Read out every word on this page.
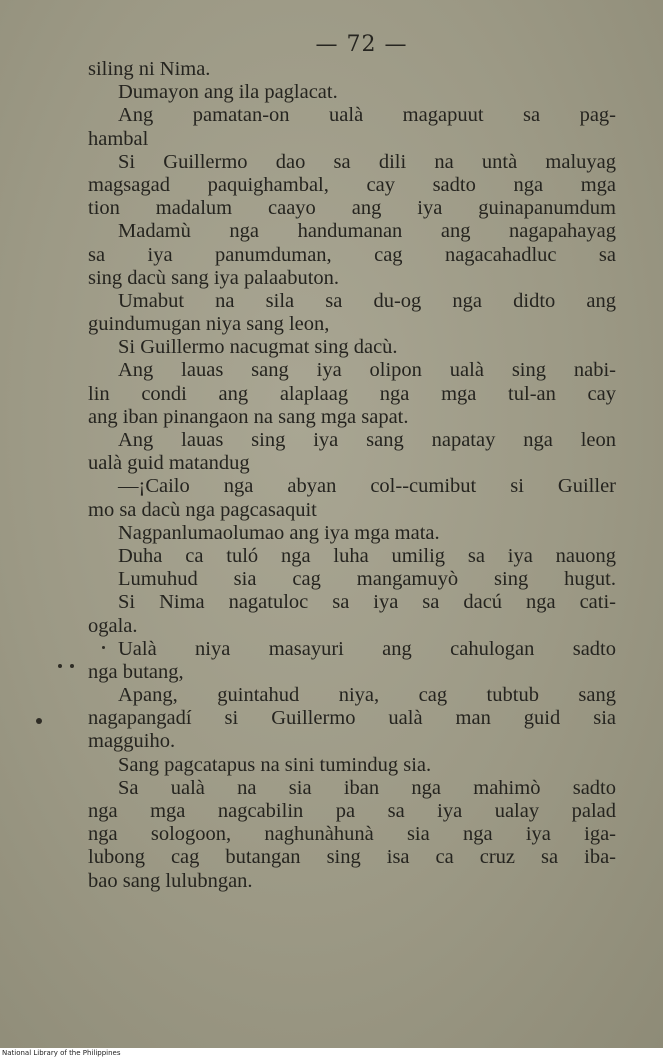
— 72 —
siling ni Nima.
Dumayon ang ila paglacat.
Ang pamatan-on ualà magapuut sa pag-
hambal
Si Guillermo dao sa dili na untà maluyag
magsagad paquighambal, cay sadto nga mga
tion madalum caayo ang iya guinapanumdum
Madamù nga handumanan ang nagapahayag
sa iya panumduman, cag nagacahadluc sa
sing dacù sang iya palaabuton.
Umabut na sila sa du-og nga didto ang
guindumugan niya sang leon,
Si Guillermo nacugmat sing dacù.
Ang lauas sang iya olipon ualà sing nabi-
lin condi ang alaplaag nga mga tul-an cay
ang iban pinangaon na sang mga sapat.
Ang lauas sing iya sang napatay nga leon
ualà guid matandug
—¡Cailo nga abyan col--cumibut si Guiller
mo sa dacù nga pagcasaquit
Nagpanlumaolumao ang iya mga mata.
Duha ca tuló nga luha umilig sa iya nauong
Lumuhud sia cag mangamuyò sing hugut.
Si Nima nagatuloc sa iya sa dacú nga cati-
ogala.
Ualà niya masayuri ang cahulogan sadto
nga butang,
Apang, guintahud niya, cag tubtub sang
nagapangadí si Guillermo ualà man guid sia
magguiho.
Sang pagcatapus na sini tumindug sia.
Sa ualà na sia iban nga mahimò sadto
nga mga nagcabilin pa sa iya ualay palad
nga sologoon, naghunàhunà sia nga iya iga-
lubong cag butangan sing isa ca cruz sa iba-
bao sang lulubngan.
National Library of the Philippines
